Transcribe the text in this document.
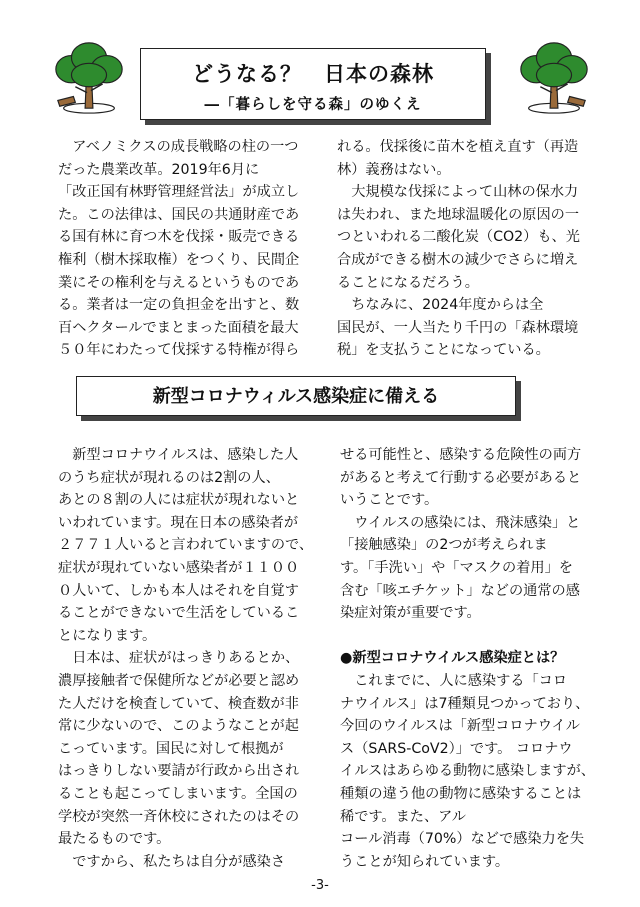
どうなる？　日本の森林
―「暮らしを守る森」のゆくえ
　アベノミクスの成長戦略の柱の一つ
だった農業改革。2019年6月に
「改正国有林野管理経営法」が成立し
た。この法律は、国民の共通財産であ
る国有林に育つ木を伐採・販売できる
権利（樹木採取権）をつくり、民間企
業にその権利を与えるというものであ
る。業者は一定の負担金を出すと、数
百ヘクタールでまとまった面積を最大
５０年にわたって伐採する特権が得ら
れる。伐採後に苗木を植え直す（再造
林）義務はない。
　大規模な伐採によって山林の保水力
は失われ、また地球温暖化の原因の一
つといわれる二酸化炭（CO2）も、光
合成ができる樹木の減少でさらに増え
ることになるだろう。
　ちなみに、2024年度からは全
国民が、一人当たり千円の「森林環境
税」を支払うことになっている。
新型コロナウィルス感染症に備える
　新型コロナウイルスは、感染した人
のうち症状が現れるのは2割の人、
あとの８割の人には症状が現れないと
いわれています。現在日本の感染者が
２７７１人いると言われていますので、
症状が現れていない感染者が１１００
０人いて、しかも本人はそれを自覚す
ることができないで生活をしているこ
とになります。
　日本は、症状がはっきりあるとか、
濃厚接触者で保健所などが必要と認め
た人だけを検査していて、検査数が非
常に少ないので、このようなことが起
こっています。国民に対して根拠が
はっきりしない要請が行政から出され
ることも起こってしまいます。全国の
学校が突然一斉休校にされたのはその
最たるものです。
　ですから、私たちは自分が感染さ
せる可能性と、感染する危険性の両方
があると考えて行動する必要があると
いうことです。
　ウイルスの感染には、飛沫感染」と
「接触感染」の2つが考えられま
す。「手洗い」や「マスクの着用」を
含む「咳エチケット」などの通常の感
染症対策が重要です。
●新型コロナウイルス感染症とは？
　これまでに、人に感染する「コロ
ナウイルス」は7種類見つかっており、
今回のウイルスは「新型コロナウイル
ス（SARS-CoV2）」です。 コロナウ
イルスはあらゆる動物に感染しますが、
種類の違う他の動物に感染することは
稀です。また、アル
コール消毒（70%）などで感染力を失
うことが知られています。
-3-
